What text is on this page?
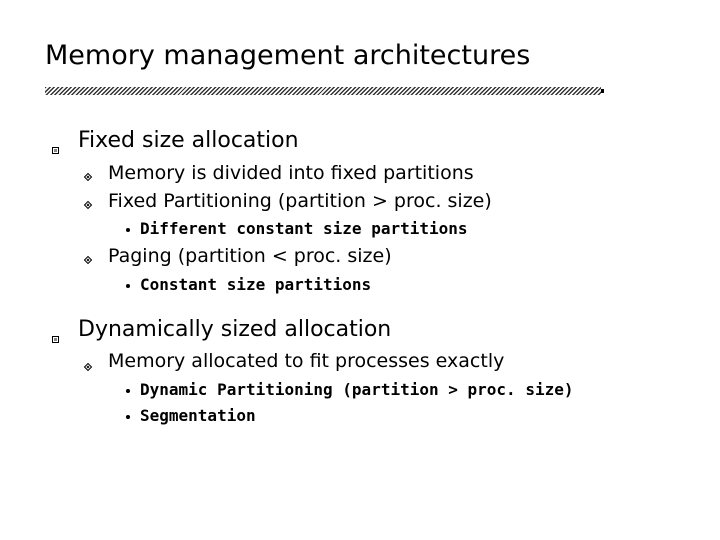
Memory management architectures
Fixed size allocation
Memory is divided into fixed partitions
Fixed Partitioning (partition > proc. size)
Different constant size partitions
Paging (partition < proc. size)
Constant size partitions
Dynamically sized allocation
Memory allocated to fit processes exactly
Dynamic Partitioning (partition > proc. size)
Segmentation
